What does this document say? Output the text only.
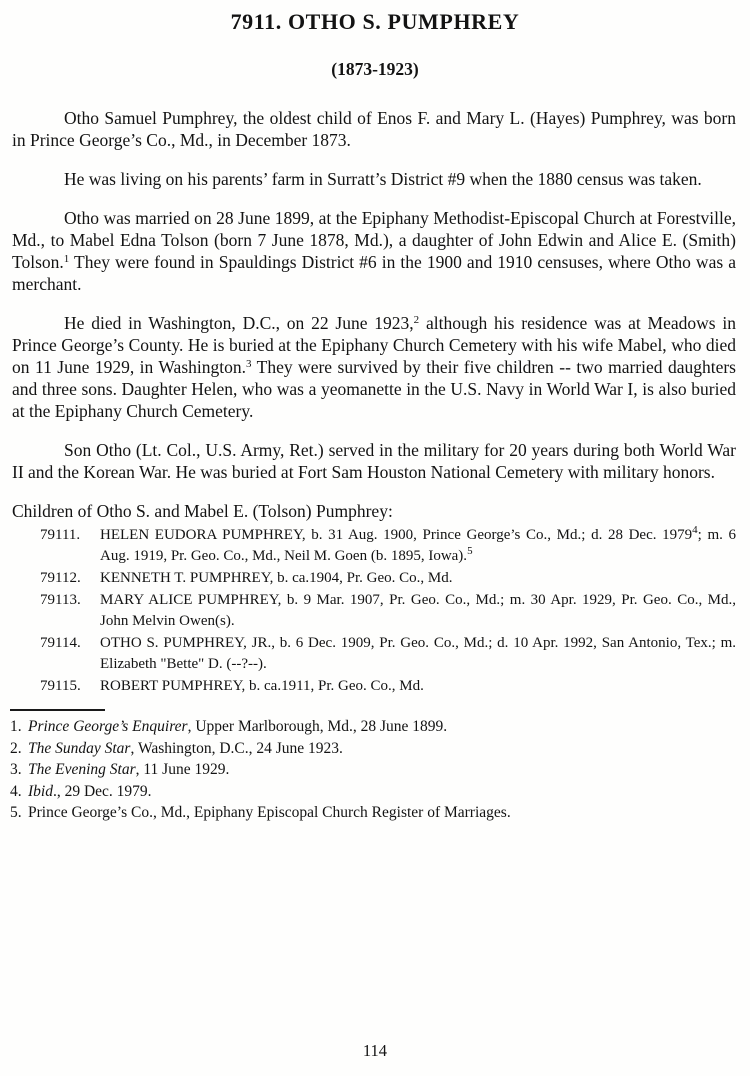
7911. OTHO S. PUMPHREY
(1873-1923)

Otho Samuel Pumphrey, the oldest child of Enos F. and Mary L. (Hayes) Pumphrey, was born in Prince George’s Co., Md., in December 1873.

He was living on his parents’ farm in Surratt’s District #9 when the 1880 census was taken.

Otho was married on 28 June 1899, at the Epiphany Methodist-Episcopal Church at Forestville, Md., to Mabel Edna Tolson (born 7 June 1878, Md.), a daughter of John Edwin and Alice E. (Smith) Tolson.$^1$ They were found in Spauldings District #6 in the 1900 and 1910 censuses, where Otho was a merchant.

He died in Washington, D.C., on 22 June 1923,$^2$ although his residence was at Meadows in Prince George’s County. He is buried at the Epiphany Church Cemetery with his wife Mabel, who died on 11 June 1929, in Washington.$^3$ They were survived by their five children -- two married daughters and three sons. Daughter Helen, who was a yeomanette in the U.S. Navy in World War I, is also buried at the Epiphany Church Cemetery.

Son Otho (Lt. Col., U.S. Army, Ret.) served in the military for 20 years during both World War II and the Korean War. He was buried at Fort Sam Houston National Cemetery with military honors.

Children of Otho S. and Mabel E. (Tolson) Pumphrey:

79111. HELEN EUDORA PUMPHREY, b. 31 Aug. 1900, Prince George’s Co., Md.; d. 28 Dec. 1979$^4$; m. 6 Aug. 1919, Pr. Geo. Co., Md., Neil M. Goen (b. 1895, Iowa).$^5$
79112. KENNETH T. PUMPHREY, b. ca.1904, Pr. Geo. Co., Md.
79113. MARY ALICE PUMPHREY, b. 9 Mar. 1907, Pr. Geo. Co., Md.; m. 30 Apr. 1929, Pr. Geo. Co., Md., John Melvin Owen(s).
79114. OTHO S. PUMPHREY, JR., b. 6 Dec. 1909, Pr. Geo. Co., Md.; d. 10 Apr. 1992, San Antonio, Tex.; m. Elizabeth "Bette" D. (--?--).
79115. ROBERT PUMPHREY, b. ca.1911, Pr. Geo. Co., Md.
1. Prince George’s Enquirer, Upper Marlborough, Md., 28 June 1899.
2. The Sunday Star, Washington, D.C., 24 June 1923.
3. The Evening Star, 11 June 1929.
4. Ibid., 29 Dec. 1979.
5. Prince George’s Co., Md., Epiphany Episcopal Church Register of Marriages.
114
